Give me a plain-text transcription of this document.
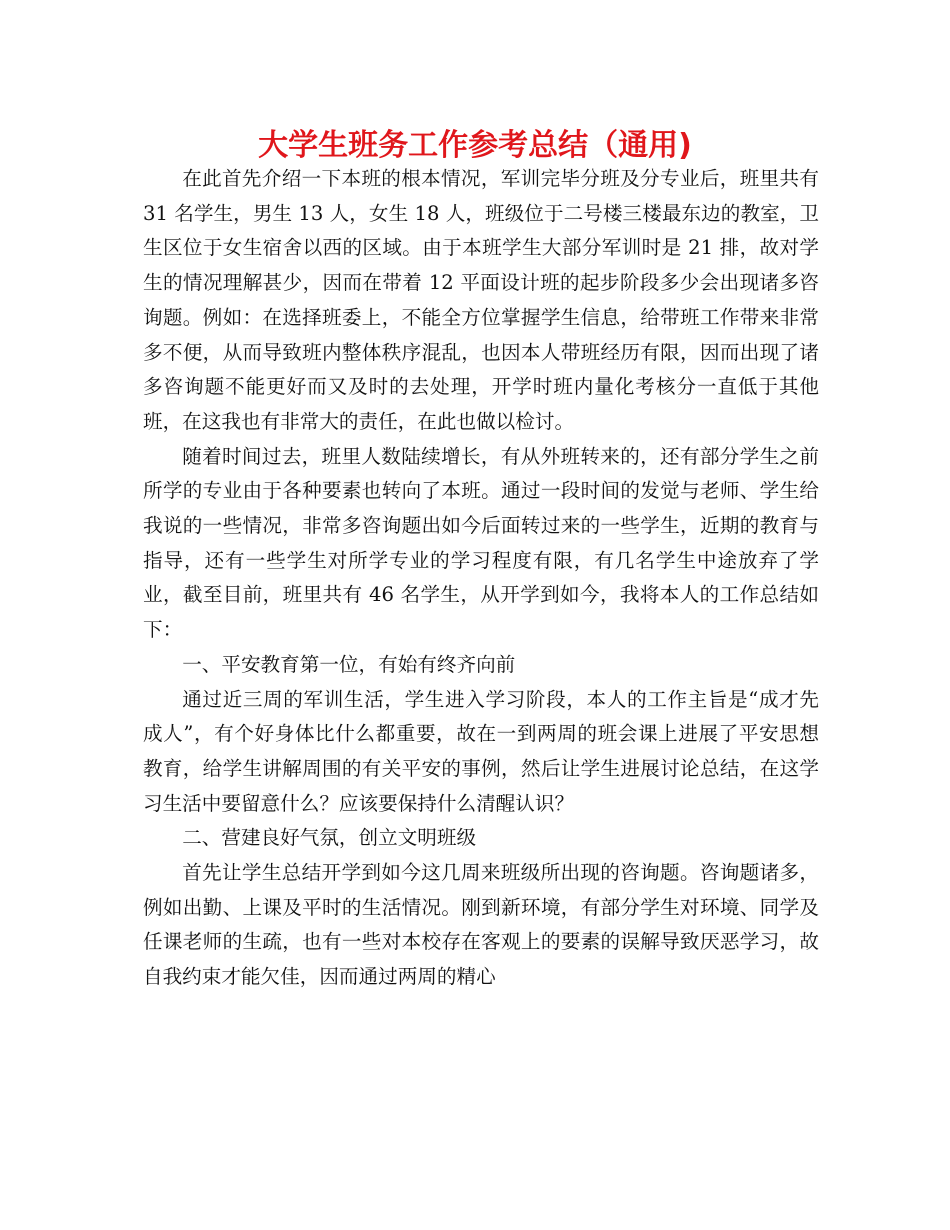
大学生班务工作参考总结（通用)

在此首先介绍一下本班的根本情况，军训完毕分班及分专业后，班里共有 31 名学生，男生 13 人，女生 18 人，班级位于二号楼三楼最东边的教室，卫生区位于女生宿舍以西的区域。由于本班学生大部分军训时是 21 排，故对学生的情况理解甚少，因而在带着 12 平面设计班的起步阶段多少会出现诸多咨询题。例如：在选择班委上，不能全方位掌握学生信息，给带班工作带来非常多不便，从而导致班内整体秩序混乱，也因本人带班经历有限，因而出现了诸多咨询题不能更好而又及时的去处理，开学时班内量化考核分一直低于其他班，在这我也有非常大的责任，在此也做以检讨。

随着时间过去，班里人数陆续增长，有从外班转来的，还有部分学生之前所学的专业由于各种要素也转向了本班。通过一段时间的发觉与老师、学生给我说的一些情况，非常多咨询题出如今后面转过来的一些学生，近期的教育与指导，还有一些学生对所学专业的学习程度有限，有几名学生中途放弃了学业，截至目前，班里共有 46 名学生，从开学到如今，我将本人的工作总结如下：

一、平安教育第一位，有始有终齐向前

通过近三周的军训生活，学生进入学习阶段，本人的工作主旨是“成才先成人”，有个好身体比什么都重要，故在一到两周的班会课上进展了平安思想教育，给学生讲解周围的有关平安的事例，然后让学生进展讨论总结，在这学习生活中要留意什么？应该要保持什么清醒认识？

二、营建良好气氛，创立文明班级

首先让学生总结开学到如今这几周来班级所出现的咨询题。咨询题诸多，例如出勤、上课及平时的生活情况。刚到新环境，有部分学生对环境、同学及任课老师的生疏，也有一些对本校存在客观上的要素的误解导致厌恶学习，故自我约束才能欠佳，因而通过两周的精心
